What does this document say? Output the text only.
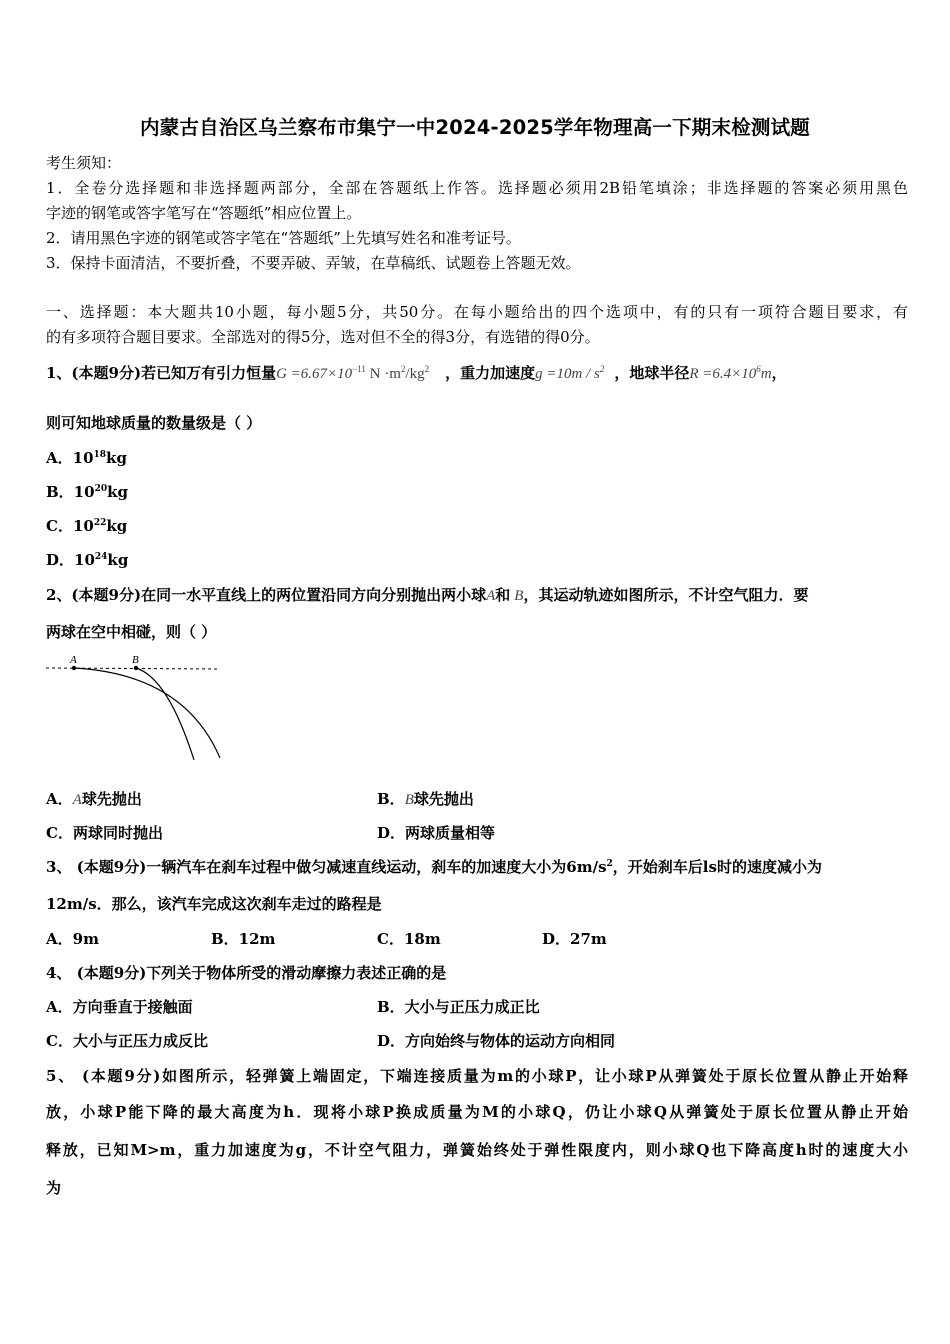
内蒙古自治区乌兰察布市集宁一中2024-2025学年物理高一下期末检测试题
考生须知：
1．全卷分选择题和非选择题两部分，全部在答题纸上作答。选择题必须用2B铅笔填涂；非选择题的答案必须用黑色
字迹的钢笔或答字笔写在“答题纸”相应位置上。
2．请用黑色字迹的钢笔或答字笔在“答题纸”上先填写姓名和准考证号。
3．保持卡面清洁，不要折叠，不要弄破、弄皱，在草稿纸、试题卷上答题无效。
一、选择题：本大题共10小题，每小题5分，共50分。在每小题给出的四个选项中，有的只有一项符合题目要求，有
的有多项符合题目要求。全部选对的得5分，选对但不全的得3分，有选错的得0分。
1、(本题9分)若已知万有引力恒量$G =6.67\times 10^{-11}$ $N \cdot m^2/kg^2$ ，重力加速度$g =10m / s^2$ ，地球半径$R =6.4\times 10^6m$，
则可知地球质量的数量级是（ ）
A．$10^{18}kg$
B．$10^{20}kg$
C．$10^{22}kg$
D．$10^{24}kg$
2、(本题9分)在同一水平直线上的两位置沿同方向分别抛出两小球A和 B，其运动轨迹如图所示，不计空气阻力．要
两球在空中相碰，则（ ）
A	B
A．A球先抛出	B．B球先抛出
C．两球同时抛出	D．两球质量相等
3、 (本题9分)一辆汽车在刹车过程中做匀减速直线运动，刹车的加速度大小为$6m/s^2$，开始刹车后ls时的速度减小为
12m/s．那么，该汽车完成这次刹车走过的路程是
A．9m	B．12m	C．18m	D．27m
4、 (本题9分)下列关于物体所受的滑动摩擦力表述正确的是
A．方向垂直于接触面	B．大小与正压力成正比
C．大小与正压力成反比	D．方向始终与物体的运动方向相同
5、 (本题9分)如图所示，轻弹簧上端固定，下端连接质量为m的小球P，让小球P从弹簧处于原长位置从静止开始释
放，小球P能下降的最大高度为h．现将小球P换成质量为M的小球Q，仍让小球Q从弹簧处于原长位置从静止开始
释放，已知M>m，重力加速度为g，不计空气阻力，弹簧始终处于弹性限度内，则小球Q也下降高度h时的速度大小
为
